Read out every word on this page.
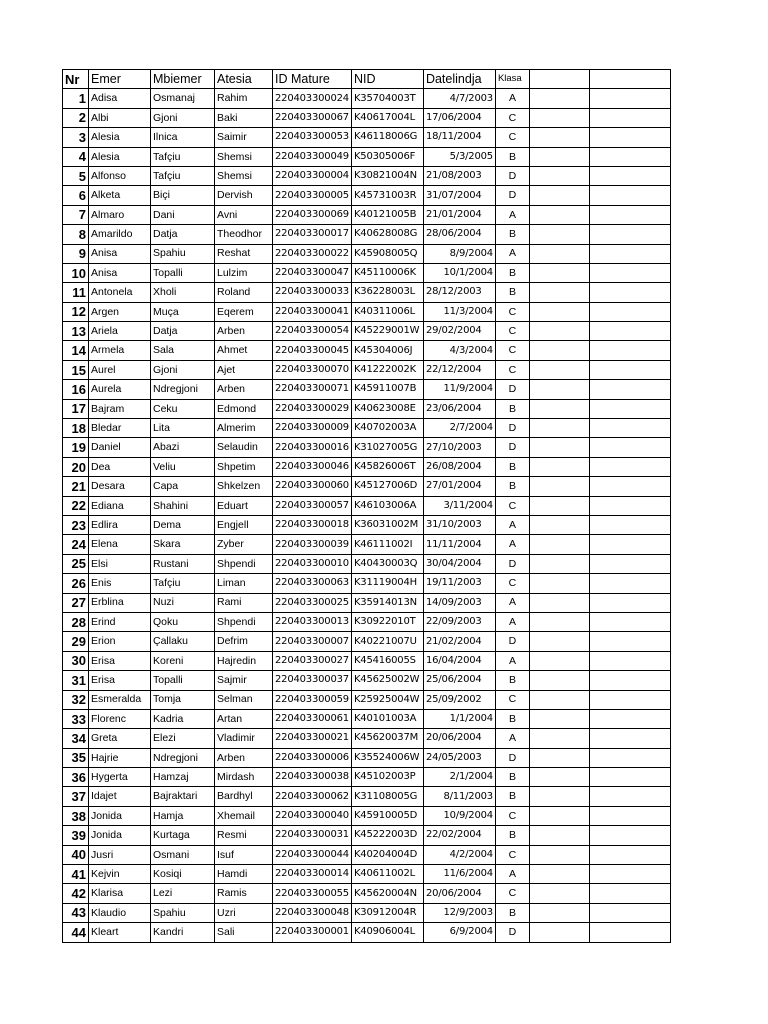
Nr	Emer	Mbiemer	Atesia	ID Mature	NID	Datelindja	Klasa		
1	Adisa	Osmanaj	Rahim	220403300024	K35704003T	4/7/2003	A		
2	Albi	Gjoni	Baki	220403300067	K40617004L	17/06/2004	C		
3	Alesia	Ilnica	Saimir	220403300053	K46118006G	18/11/2004	C		
4	Alesia	Tafçiu	Shemsi	220403300049	K50305006F	5/3/2005	B		
5	Alfonso	Tafçiu	Shemsi	220403300004	K30821004N	21/08/2003	D		
6	Alketa	Biçi	Dervish	220403300005	K45731003R	31/07/2004	D		
7	Almaro	Dani	Avni	220403300069	K40121005B	21/01/2004	A		
8	Amarildo	Datja	Theodhor	220403300017	K40628008G	28/06/2004	B		
9	Anisa	Spahiu	Reshat	220403300022	K45908005Q	8/9/2004	A		
10	Anisa	Topalli	Lulzim	220403300047	K45110006K	10/1/2004	B		
11	Antonela	Xholi	Roland	220403300033	K36228003L	28/12/2003	B		
12	Argen	Muça	Eqerem	220403300041	K40311006L	11/3/2004	C		
13	Ariela	Datja	Arben	220403300054	K45229001W	29/02/2004	C		
14	Armela	Sala	Ahmet	220403300045	K45304006J	4/3/2004	C		
15	Aurel	Gjoni	Ajet	220403300070	K41222002K	22/12/2004	C		
16	Aurela	Ndregjoni	Arben	220403300071	K45911007B	11/9/2004	D		
17	Bajram	Ceku	Edmond	220403300029	K40623008E	23/06/2004	B		
18	Bledar	Lita	Almerim	220403300009	K40702003A	2/7/2004	D		
19	Daniel	Abazi	Selaudin	220403300016	K31027005G	27/10/2003	D		
20	Dea	Veliu	Shpetim	220403300046	K45826006T	26/08/2004	B		
21	Desara	Capa	Shkelzen	220403300060	K45127006D	27/01/2004	B		
22	Ediana	Shahini	Eduart	220403300057	K46103006A	3/11/2004	C		
23	Edlira	Dema	Engjell	220403300018	K36031002M	31/10/2003	A		
24	Elena	Skara	Zyber	220403300039	K46111002I	11/11/2004	A		
25	Elsi	Rustani	Shpendi	220403300010	K40430003Q	30/04/2004	D		
26	Enis	Tafçiu	Liman	220403300063	K31119004H	19/11/2003	C		
27	Erblina	Nuzi	Rami	220403300025	K35914013N	14/09/2003	A		
28	Erind	Qoku	Shpendi	220403300013	K30922010T	22/09/2003	A		
29	Erion	Çallaku	Defrim	220403300007	K40221007U	21/02/2004	D		
30	Erisa	Koreni	Hajredin	220403300027	K45416005S	16/04/2004	A		
31	Erisa	Topalli	Sajmir	220403300037	K45625002W	25/06/2004	B		
32	Esmeralda	Tomja	Selman	220403300059	K25925004W	25/09/2002	C		
33	Florenc	Kadria	Artan	220403300061	K40101003A	1/1/2004	B		
34	Greta	Elezi	Vladimir	220403300021	K45620037M	20/06/2004	A		
35	Hajrie	Ndregjoni	Arben	220403300006	K35524006W	24/05/2003	D		
36	Hygerta	Hamzaj	Mirdash	220403300038	K45102003P	2/1/2004	B		
37	Idajet	Bajraktari	Bardhyl	220403300062	K31108005G	8/11/2003	B		
38	Jonida	Hamja	Xhemail	220403300040	K45910005D	10/9/2004	C		
39	Jonida	Kurtaga	Resmi	220403300031	K45222003D	22/02/2004	B		
40	Jusri	Osmani	Isuf	220403300044	K40204004D	4/2/2004	C		
41	Kejvin	Kosiqi	Hamdi	220403300014	K40611002L	11/6/2004	A		
42	Klarisa	Lezi	Ramis	220403300055	K45620004N	20/06/2004	C		
43	Klaudio	Spahiu	Uzri	220403300048	K30912004R	12/9/2003	B		
44	Kleart	Kandri	Sali	220403300001	K40906004L	6/9/2004	D		
